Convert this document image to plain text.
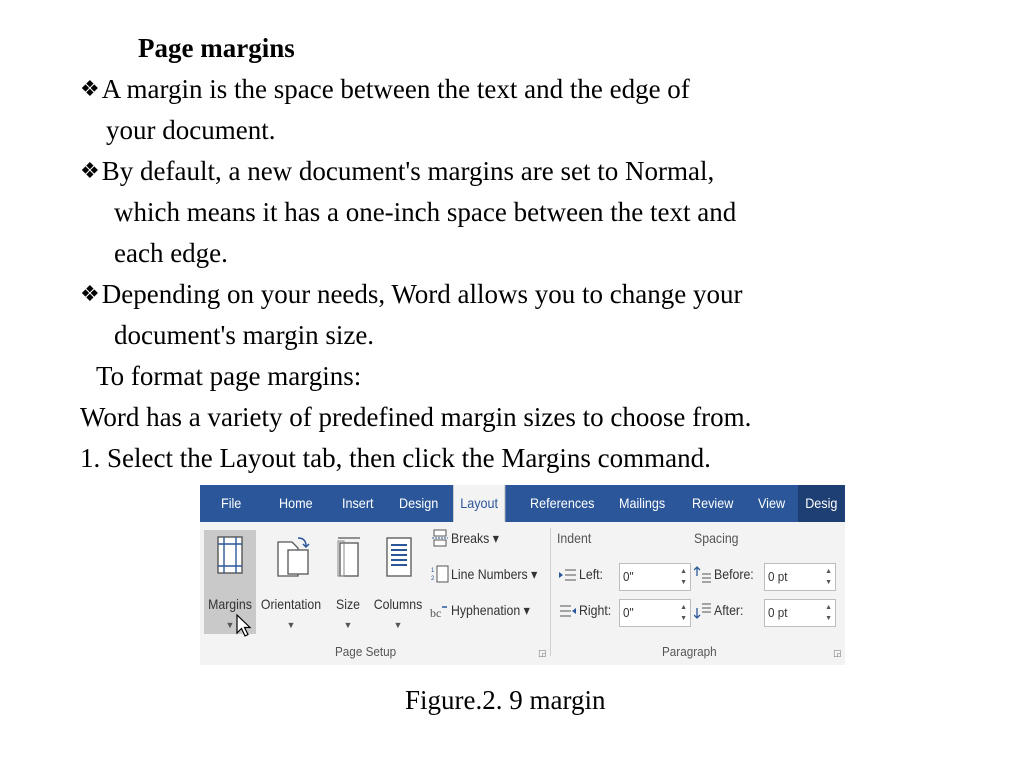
Page margins
❖A margin is the space between the text and the edge of
your document.
❖By default, a new document's margins are set to Normal,
which means it has a one-inch space between the text and
each edge.
❖Depending on your needs, Word allows you to change your
document's margin size.
To format page margins:
Word has a variety of predefined margin sizes to choose from.
1. Select the Layout tab, then click the Margins command.
File	Home Insert Design	Layout	References Mailings Review View	Desig
Margins
▼
Orientation
▼
Size
▼
Columns
▼
Breaks ▾
1
2 Line Numbers ▾
bc Hyphenation ▾
Page Setup	◲
Indent	Spacing
Left:	0"	▲
▼
Right: 0"	▲
▼
Before:	0 pt	▲
▼
After:	0 pt	▲
▼
Paragraph	◲
Figure.2. 9 margin
